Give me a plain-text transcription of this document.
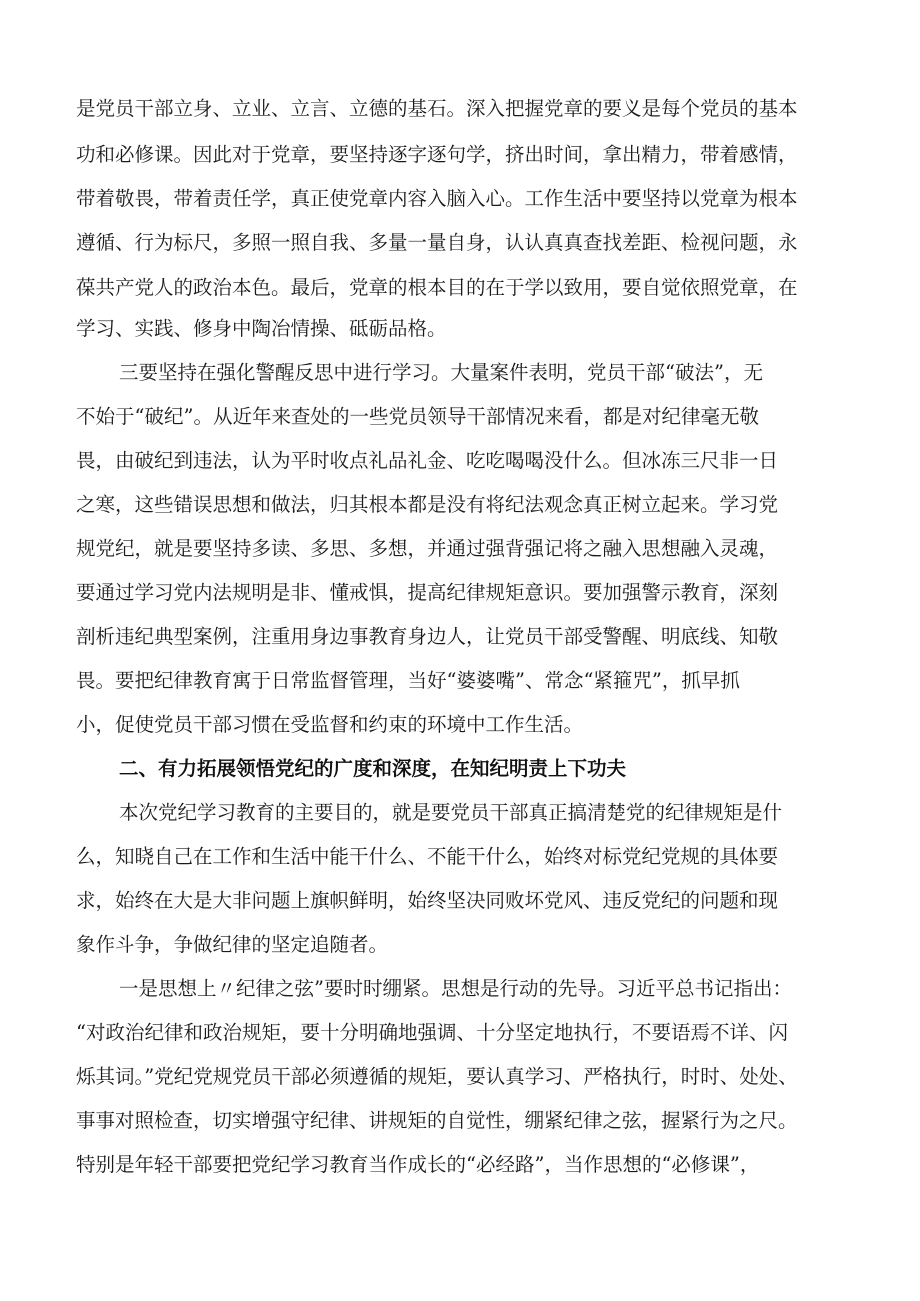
是党员干部立身、立业、立言、立德的基石。深入把握党章的要义是每个党员的基本
功和必修课。因此对于党章，要坚持逐字逐句学，挤出时间，拿出精力，带着感情，
带着敬畏，带着责任学，真正使党章内容入脑入心。工作生活中要坚持以党章为根本
遵循、行为标尺，多照一照自我、多量一量自身，认认真真查找差距、检视问题，永
葆共产党人的政治本色。最后，党章的根本目的在于学以致用，要自觉依照党章，在
学习、实践、修身中陶冶情操、砥砺品格。
三要坚持在强化警醒反思中进行学习。大量案件表明，党员干部“破法”，无
不始于“破纪”。从近年来查处的一些党员领导干部情况来看，都是对纪律毫无敬
畏，由破纪到违法，认为平时收点礼品礼金、吃吃喝喝没什么。但冰冻三尺非一日
之寒，这些错误思想和做法，归其根本都是没有将纪法观念真正树立起来。学习党
规党纪，就是要坚持多读、多思、多想，并通过强背强记将之融入思想融入灵魂，
要通过学习党内法规明是非、懂戒惧，提高纪律规矩意识。要加强警示教育，深刻
剖析违纪典型案例，注重用身边事教育身边人，让党员干部受警醒、明底线、知敬
畏。要把纪律教育寓于日常监督管理，当好“婆婆嘴”、常念“紧箍咒”，抓早抓
小，促使党员干部习惯在受监督和约束的环境中工作生活。
二、有力拓展领悟党纪的广度和深度，在知纪明责上下功夫
本次党纪学习教育的主要目的，就是要党员干部真正搞清楚党的纪律规矩是什
么，知晓自己在工作和生活中能干什么、不能干什么，始终对标党纪党规的具体要
求，始终在大是大非问题上旗帜鲜明，始终坚决同败坏党风、违反党纪的问题和现
象作斗争，争做纪律的坚定追随者。
一是思想上〃纪律之弦”要时时绷紧。思想是行动的先导。习近平总书记指出：
“对政治纪律和政治规矩，要十分明确地强调、十分坚定地执行，不要语焉不详、闪
烁其词。”党纪党规党员干部必须遵循的规矩，要认真学习、严格执行，时时、处处、
事事对照检查，切实增强守纪律、讲规矩的自觉性，绷紧纪律之弦，握紧行为之尺。
特别是年轻干部要把党纪学习教育当作成长的“必经路”，当作思想的“必修课”，
